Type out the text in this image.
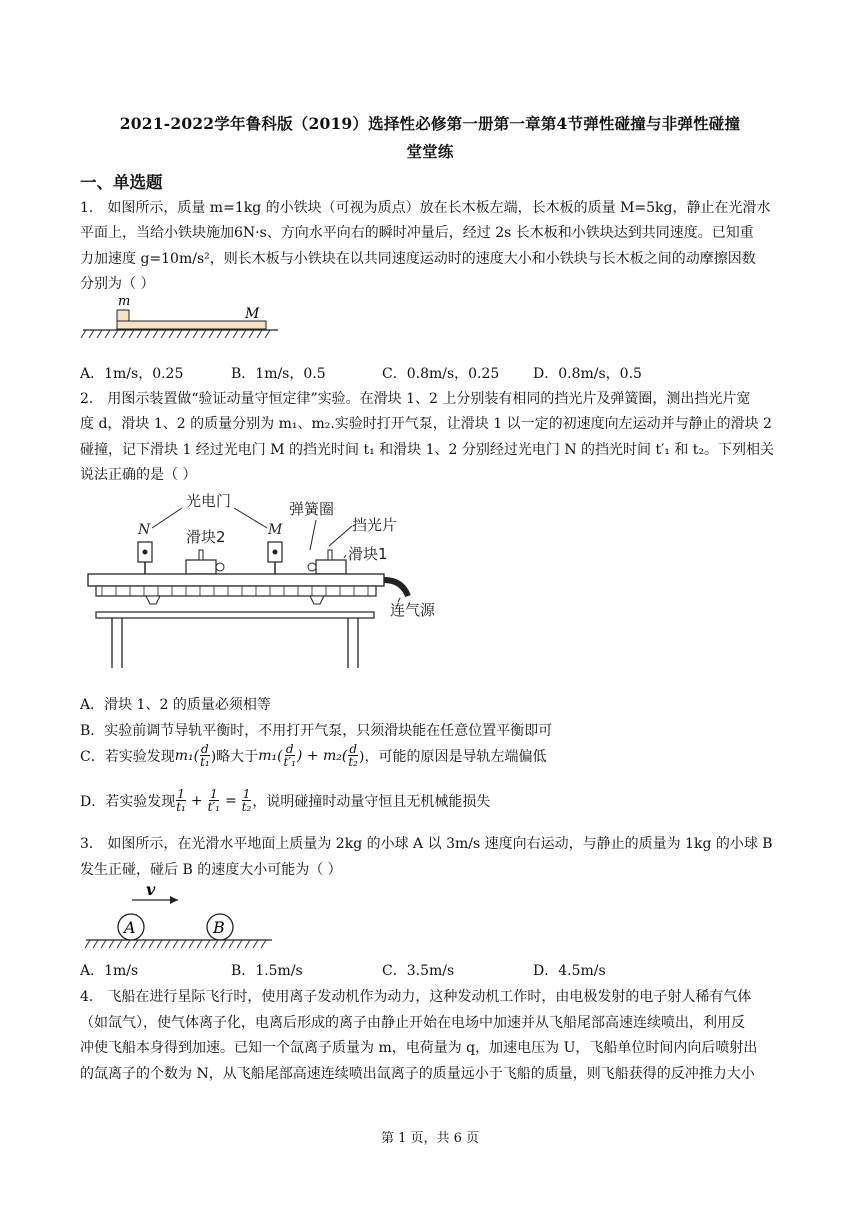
2021-2022学年鲁科版（2019）选择性必修第一册第一章第4节弹性碰撞与非弹性碰撞
堂堂练
一、单选题
1． 如图所示，质量 m=1kg 的小铁块（可视为质点）放在长木板左端，长木板的质量 M=5kg，静止在光滑水
平面上，当给小铁块施加6N·s、方向水平向右的瞬时冲量后，经过 2s 长木板和小铁块达到共同速度。已知重
力加速度 g=10m/s²，则长木板与小铁块在以共同速度运动时的速度大小和小铁块与长木板之间的动摩擦因数
分别为（ ）
m
M
A．1m/s，0.25	B．1m/s，0.5	C．0.8m/s，0.25 D．0.8m/s，0.5
2． 用图示装置做“验证动量守恒定律”实验。在滑块 1、2 上分别装有相同的挡光片及弹簧圈，测出挡光片宽
度 d，滑块 1、2 的质量分别为 m₁、m₂.实验时打开气泵，让滑块 1 以一定的初速度向左运动并与静止的滑块 2
碰撞，记下滑块 1 经过光电门 M 的挡光时间 t₁ 和滑块 1、2 分别经过光电门 N 的挡光时间 t′₁ 和 t₂。下列相关
说法正确的是（ ）
光电门	弹簧圈
挡光片
滑块2
滑块1
连气源
N	M
A．滑块 1、2 的质量必须相等
B．实验前调节导轨平衡时，不用打开气泵，只须滑块能在任意位置平衡即可
C．若实验发现 $m_1( \frac{d}{\text{t₁}}$ )略大于 $m_1( \frac{d}{\text{t′₁}}$ ) + $m_2( \frac{d}{\text{t₂}}$ )，可能的原因是导轨左端偏低
D．若实验发现 $\frac{1}{\text{t₁}} + \frac{1}{\text{t′₁}} = \frac{1}{\text{t₂}}$ ，说明碰撞时动量守恒且无机械能损失
3． 如图所示，在光滑水平地面上质量为 2kg 的小球 A 以 3m/s 速度向右运动，与静止的质量为 1kg 的小球 B
发生正碰，碰后 B 的速度大小可能为（ ）
v
A	B
A．1m/s	B．1.5m/s	C．3.5m/s	D．4.5m/s
4． 飞船在进行星际飞行时，使用离子发动机作为动力，这种发动机工作时，由电极发射的电子射人稀有气体
（如氙气），使气体离子化，电离后形成的离子由静止开始在电场中加速并从飞船尾部高速连续喷出，利用反
冲使飞船本身得到加速。已知一个氙离子质量为 m，电荷量为 q，加速电压为 U，飞船单位时间内向后喷射出
的氙离子的个数为 N，从飞船尾部高速连续喷出氙离子的质量远小于飞船的质量，则飞船获得的反冲推力大小
第 1 页，共 6 页
